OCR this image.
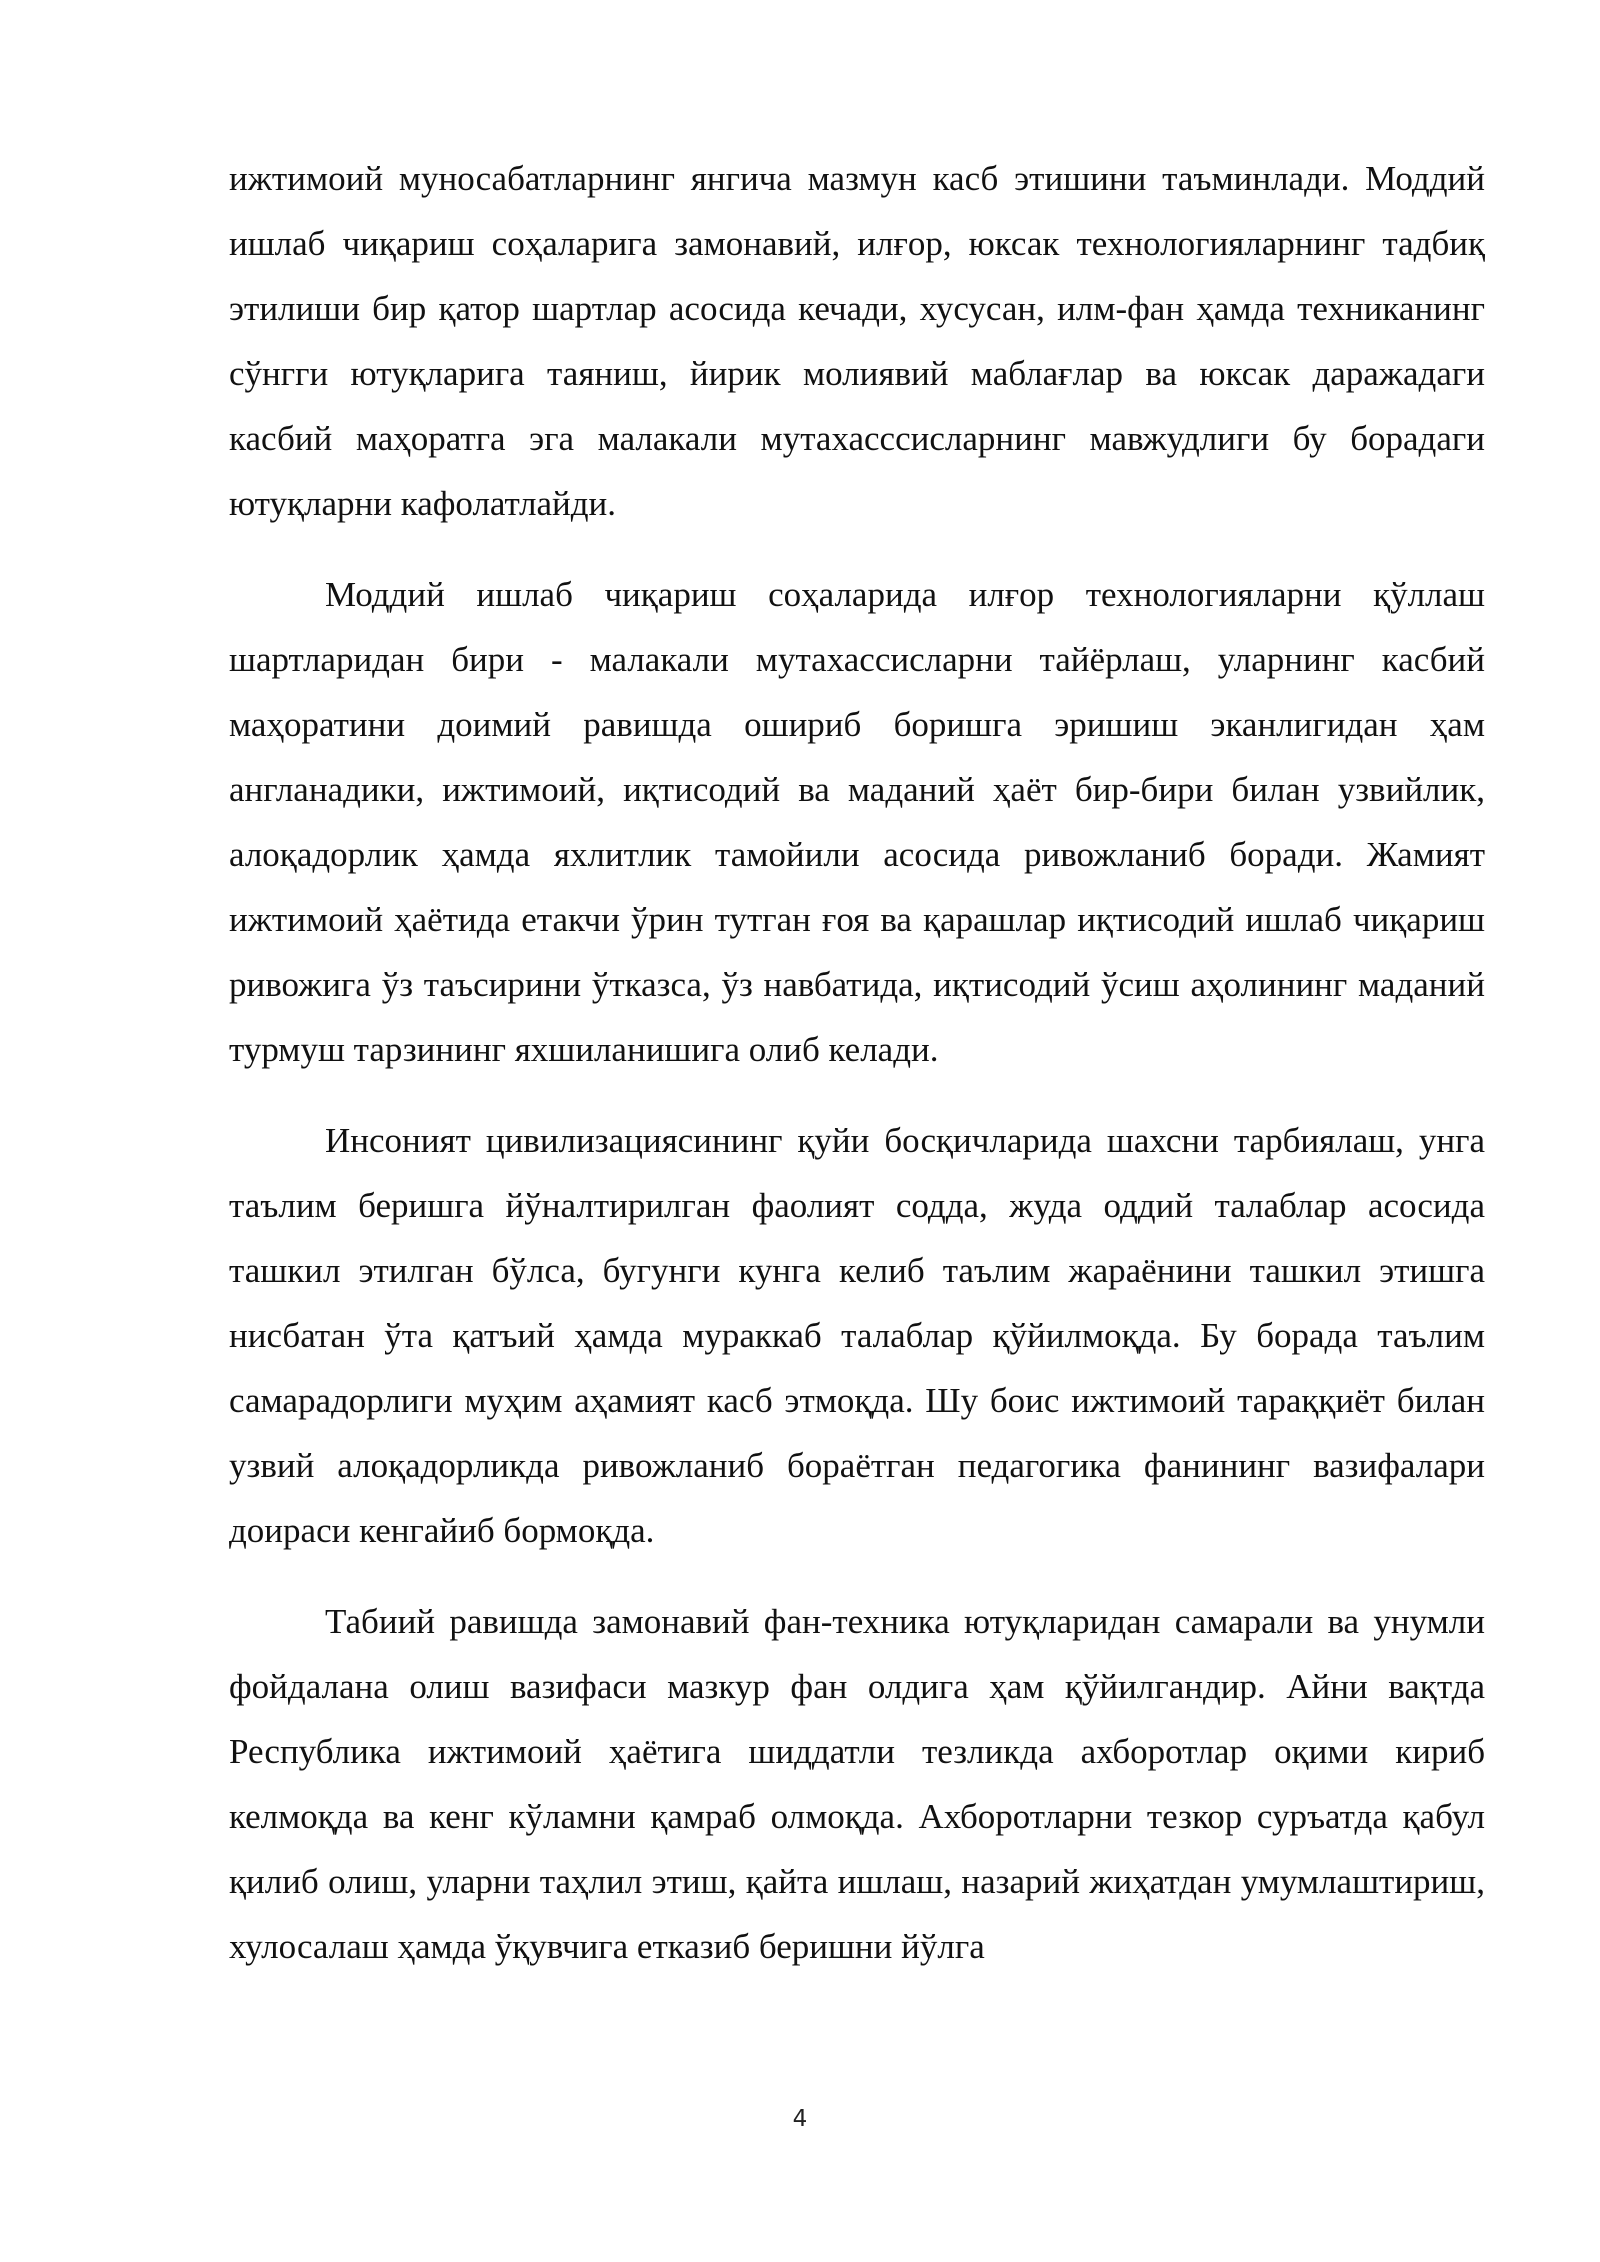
ижтимоий муносабатларнинг янгича мазмун касб этишини таъминлади. Моддий ишлаб чиқариш соҳаларига замонавий, илғор, юксак технологияларнинг тадбиқ этилиши бир қатор шартлар асосида кечади, хусусан, илм-фан ҳамда техниканинг сўнгги ютуқларига таяниш, йирик молиявий маблағлар ва юксак даражадаги касбий маҳоратга эга малакали мутахасссисларнинг мавжудлиги бу борадаги ютуқларни кафолатлайди.

Моддий ишлаб чиқариш соҳаларида илғор технологияларни қўллаш шартларидан бири - малакали мутахассисларни тайёрлаш, уларнинг касбий маҳоратини доимий равишда ошириб боришга эришиш эканлигидан ҳам англанадики, ижтимоий, иқтисодий ва маданий ҳаёт бир-бири билан узвийлик, алоқадорлик ҳамда яхлитлик тамойили асосида ривожланиб боради. Жамият ижтимоий ҳаётида етакчи ўрин тутган ғоя ва қарашлар иқтисодий ишлаб чиқариш ривожига ўз таъсирини ўтказса, ўз навбатида, иқтисодий ўсиш аҳолининг маданий турмуш тарзининг яхшиланишига олиб келади.

Инсоният цивилизациясининг қуйи босқичларида шахсни тарбиялаш, унга таълим беришга йўналтирилган фаолият содда, жуда оддий талаблар асосида ташкил этилган бўлса, бугунги кунга келиб таълим жараёнини ташкил этишга нисбатан ўта қатъий ҳамда мураккаб талаблар қўйилмоқда. Бу борада таълим самарадорлиги муҳим аҳамият касб этмоқда. Шу боис ижтимоий тараққиёт билан узвий алоқадорликда ривожланиб бораётган педагогика фанининг вазифалари доираси кенгайиб бормоқда.

Табиий равишда замонавий фан-техника ютуқларидан самарали ва унумли фойдалана олиш вазифаси мазкур фан олдига ҳам қўйилгандир. Айни вақтда Республика ижтимоий ҳаётига шиддатли тезликда ахборотлар оқими кириб келмоқда ва кенг кўламни қамраб олмоқда. Ахборотларни тезкор суръатда қабул қилиб олиш, уларни таҳлил этиш, қайта ишлаш, назарий жиҳатдан умумлаштириш, хулосалаш ҳамда ўқувчига етказиб беришни йўлга

4
